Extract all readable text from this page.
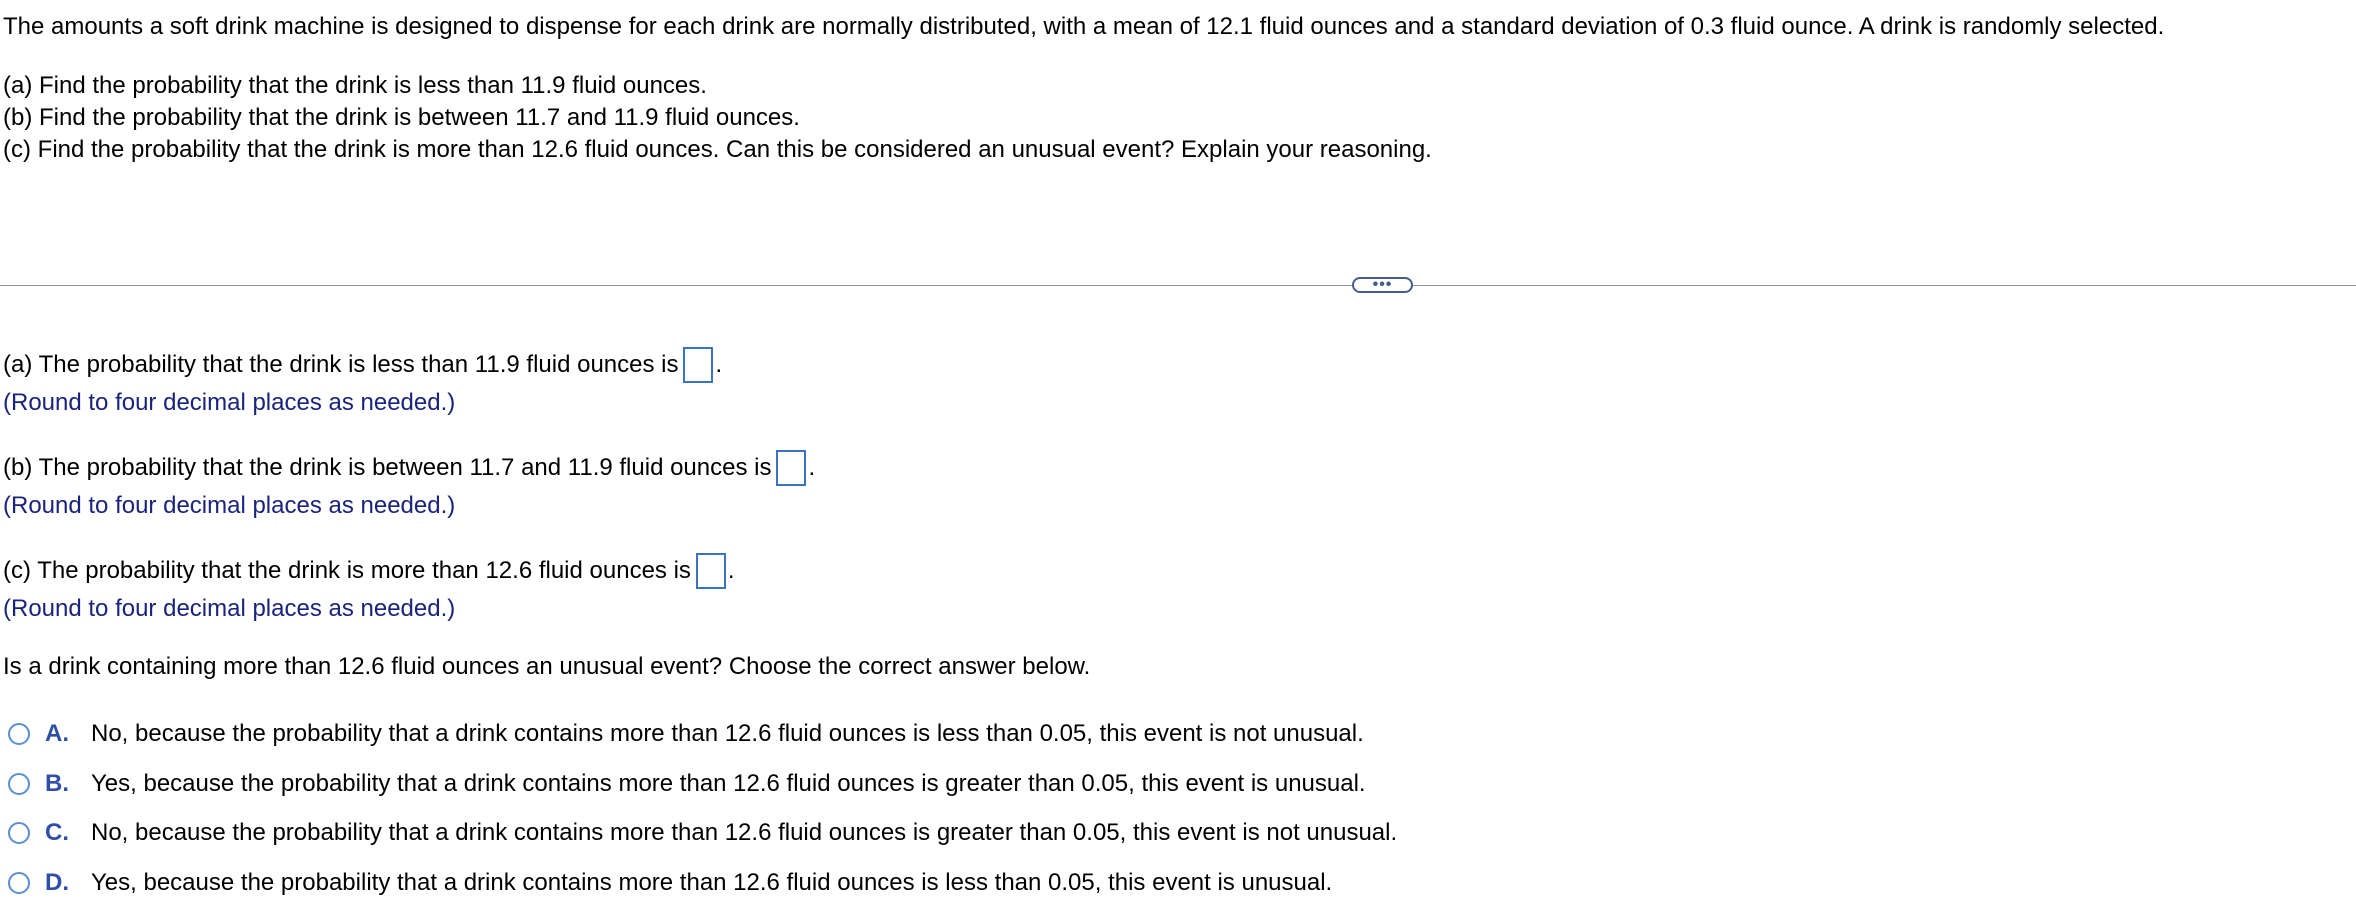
The amounts a soft drink machine is designed to dispense for each drink are normally distributed, with a mean of 12.1 fluid ounces and a standard deviation of 0.3 fluid ounce. A drink is randomly selected.
(a) Find the probability that the drink is less than 11.9 fluid ounces.
(b) Find the probability that the drink is between 11.7 and 11.9 fluid ounces.
(c) Find the probability that the drink is more than 12.6 fluid ounces. Can this be considered an unusual event? Explain your reasoning.
•••
(a) The probability that the drink is less than 11.9 fluid ounces is .
(Round to four decimal places as needed.)
(b) The probability that the drink is between 11.7 and 11.9 fluid ounces is .
(Round to four decimal places as needed.)
(c) The probability that the drink is more than 12.6 fluid ounces is .
(Round to four decimal places as needed.)
Is a drink containing more than 12.6 fluid ounces an unusual event? Choose the correct answer below.
A. No, because the probability that a drink contains more than 12.6 fluid ounces is less than 0.05, this event is not unusual.
B. Yes, because the probability that a drink contains more than 12.6 fluid ounces is greater than 0.05, this event is unusual.
C. No, because the probability that a drink contains more than 12.6 fluid ounces is greater than 0.05, this event is not unusual.
D. Yes, because the probability that a drink contains more than 12.6 fluid ounces is less than 0.05, this event is unusual.
